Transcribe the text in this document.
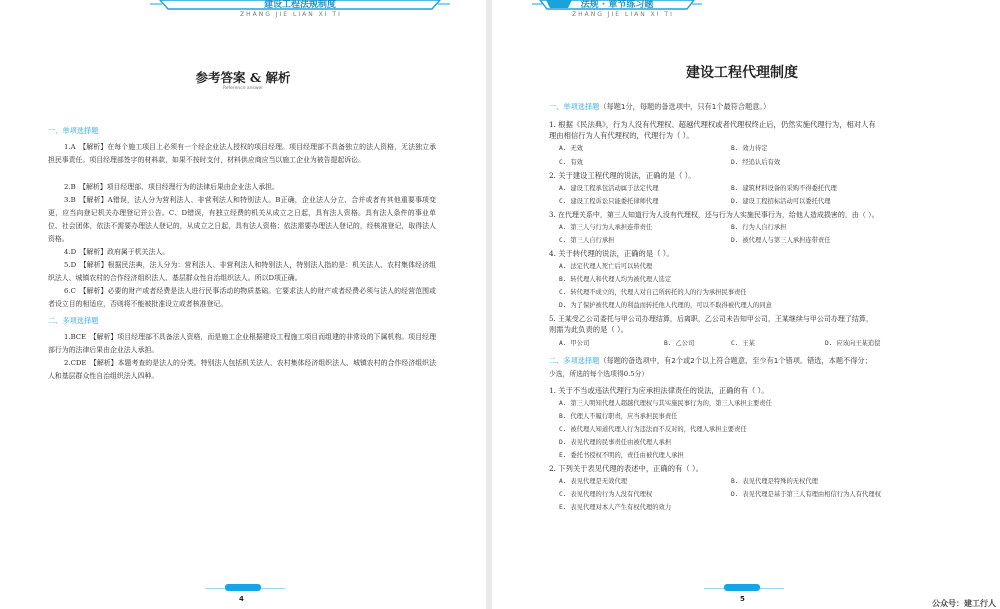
建设工程法规制度
ZHANG JIE LIAN XI TI
参考答案 & 解析
Reference answer
一、单项选择题
1.A　【解析】在每个施工项目上必须有一个经企业法人授权的项目经理。项目经理部不具备独立的法人资格，无法独立承担民事责任。项目经理部签字的材料款，如果不按时支付，材料供应商应当以施工企业为被告提起诉讼。
2.B　【解析】项目经理部、项目经理行为的法律后果由企业法人承担。
3.B　【解析】A错误，法人分为营利法人、非营利法人和特别法人。B正确，企业法人分立、合并或者有其他重要事项变更，应当向登记机关办理登记并公告。C、D错误，有独立经费的机关从成立之日起，具有法人资格。具有法人条件的事业单位、社会团体，依法不需要办理法人登记的，从成立之日起，具有法人资格；依法需要办理法人登记的，经核准登记，取得法人资格。
4.D　【解析】政府属于机关法人。
5.D　【解析】根据民法典，法人分为：营利法人、非营利法人和特别法人，特别法人指的是：机关法人、农村集体经济组织法人、城镇农村的合作经济组织法人、基层群众性自治组织法人。所以D项正确。
6.C　【解析】必要的财产或者经费是法人进行民事活动的物质基础。它要求法人的财产或者经费必须与法人的经营范围或者设立目的相适应，否则将不能被批准设立或者核准登记。
二、多项选择题
1.BCE　【解析】项目经理部不具备法人资格，而是施工企业根据建设工程施工项目而组建的非常设的下属机构。项目经理部行为的法律后果由企业法人承担。
2.CDE　【解析】本题考查的是法人的分类。特别法人包括机关法人、农村集体经济组织法人、城镇农村的合作经济组织法人和基层群众性自治组织法人四种。
4
法规 · 章节练习题
ZHANG JIE LIAN XI TI
建设工程代理制度
一、单项选择题（每题1分，每题的备选项中，只有1个最符合题意。）
1. 根据《民法典》，行为人没有代理权、超越代理权或者代理权终止后，仍然实施代理行为，相对人有
理由相信行为人有代理权的，代理行为（ ）。
A. 无效	B. 效力待定
C. 有效	D. 经追认后有效
2. 关于建设工程代理的说法，正确的是（ ）。
A. 建设工程承包活动属于法定代理	B. 建筑材料设备的采购不得委托代理
C. 建设工程诉讼只能委托律师代理	D. 建设工程招标活动可以委托代理
3. 在代理关系中，第三人知道行为人没有代理权，还与行为人实施民事行为，给他人造成损害的，由（ ）。
A. 第三人与行为人承担连带责任	B. 行为人自行承担
C. 第三人自行承担	D. 被代理人与第三人承担连带责任
4. 关于转代理的说法，正确的是（ ）。
A. 法定代理人死亡后可以转代理
B. 转代理人和代理人均为被代理人选定
C. 转代理不成立的，代理人对自己所转托的人的行为承担民事责任
D. 为了保护被代理人的利益而转托他人代理的，可以不取得被代理人的同意
5. 王某受乙公司委托与甲公司办理结算，后离职，乙公司未告知甲公司，王某继续与甲公司办理了结算，
则需为此负责的是（ ）。
A. 甲公司	B. 乙公司	C. 王某	D. 应该向王某追偿
二、多项选择题（每题的备选项中，有2个或2个以上符合题意，至少有1个错项。错选，本题不得分；
少选，所选的每个选项得0.5分）
1. 关于不当或违法代理行为应承担法律责任的说法，正确的有（ ）。
A. 第三人明知代理人超越代理权与其实施民事行为的，第三人承担主要责任
B. 代理人不履行职责，应当承担民事责任
C. 被代理人知道代理人行为违法而不反对的，代理人承担主要责任
D. 表见代理的民事责任由被代理人承担
E. 委托书授权不明的，责任由被代理人承担
2. 下列关于表见代理的表述中，正确的有（ ）。
A. 表见代理是无效代理	B. 表见代理是特殊的无权代理
C. 表见代理的行为人没有代理权	D. 表见代理是基于第三人有理由相信行为人有代理权
E. 表见代理对本人产生有权代理的效力
5	公众号：建工行人
